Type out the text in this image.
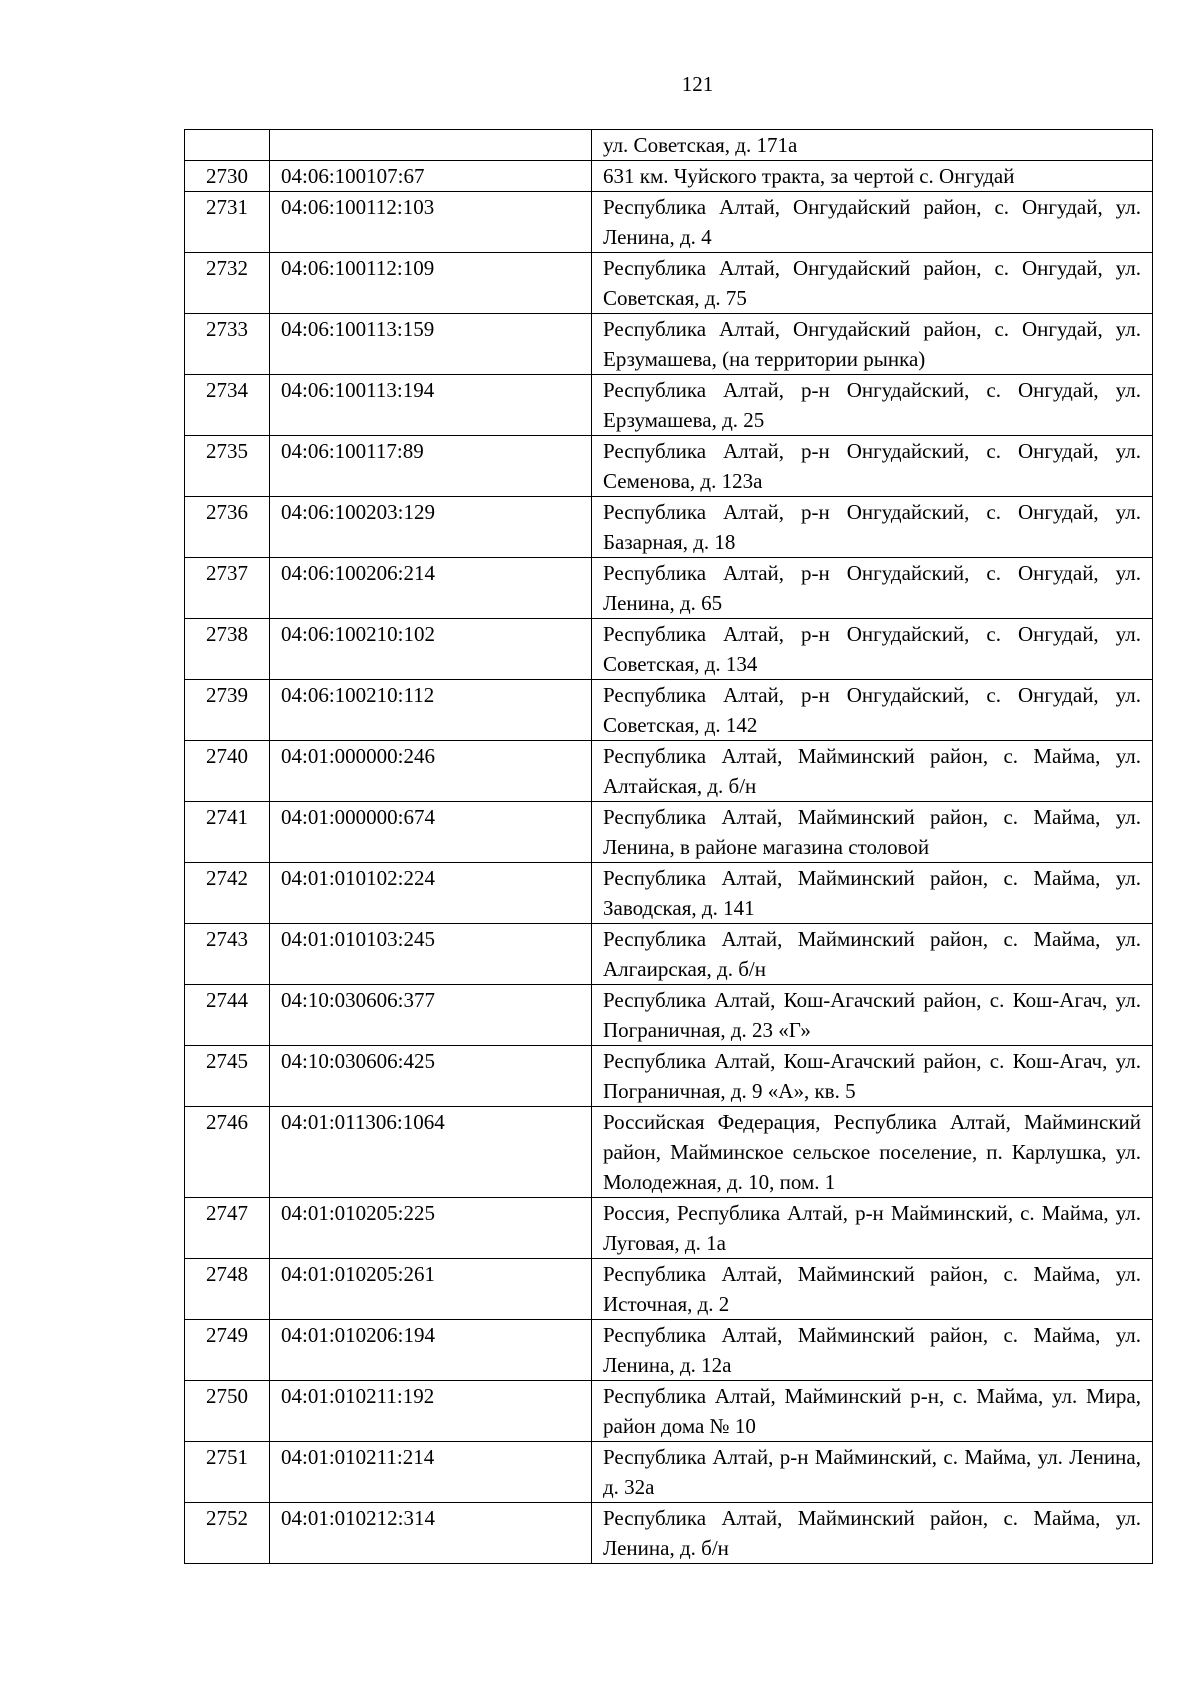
121
		ул. Советская, д. 171а
2730	04:06:100107:67	631 км. Чуйского тракта, за чертой с. Онгудай
2731	04:06:100112:103	Республика Алтай, Онгудайский район, с. Онгудай, ул. Ленина, д. 4
2732	04:06:100112:109	Республика Алтай, Онгудайский район, с. Онгудай, ул. Советская, д. 75
2733	04:06:100113:159	Республика Алтай, Онгудайский район, с. Онгудай, ул. Ерзумашева, (на территории рынка)
2734	04:06:100113:194	Республика Алтай, р-н Онгудайский, с. Онгудай, ул. Ерзумашева, д. 25
2735	04:06:100117:89	Республика Алтай, р-н Онгудайский, с. Онгудай, ул. Семенова, д. 123а
2736	04:06:100203:129	Республика Алтай, р-н Онгудайский, с. Онгудай, ул. Базарная, д. 18
2737	04:06:100206:214	Республика Алтай, р-н Онгудайский, с. Онгудай, ул. Ленина, д. 65
2738	04:06:100210:102	Республика Алтай, р-н Онгудайский, с. Онгудай, ул. Советская, д. 134
2739	04:06:100210:112	Республика Алтай, р-н Онгудайский, с. Онгудай, ул. Советская, д. 142
2740	04:01:000000:246	Республика Алтай, Майминский район, с. Майма, ул. Алтайская, д. б/н
2741	04:01:000000:674	Республика Алтай, Майминский район, с. Майма, ул. Ленина, в районе магазина столовой
2742	04:01:010102:224	Республика Алтай, Майминский район, с. Майма, ул. Заводская, д. 141
2743	04:01:010103:245	Республика Алтай, Майминский район, с. Майма, ул. Алгаирская, д. б/н
2744	04:10:030606:377	Республика Алтай, Кош-Агачский район, с. Кош-Агач, ул. Пограничная, д. 23 «Г»
2745	04:10:030606:425	Республика Алтай, Кош-Агачский район, с. Кош-Агач, ул. Пограничная, д. 9 «А», кв. 5
2746	04:01:011306:1064	Российская Федерация, Республика Алтай, Майминский район, Майминское сельское поселение, п. Карлушка, ул. Молодежная, д. 10, пом. 1
2747	04:01:010205:225	Россия, Республика Алтай, р-н Майминский, с. Майма, ул. Луговая, д. 1а
2748	04:01:010205:261	Республика Алтай, Майминский район, с. Майма, ул. Источная, д. 2
2749	04:01:010206:194	Республика Алтай, Майминский район, с. Майма, ул. Ленина, д. 12а
2750	04:01:010211:192	Республика Алтай, Майминский р-н, с. Майма, ул. Мира, район дома № 10
2751	04:01:010211:214	Республика Алтай, р-н Майминский, с. Майма, ул. Ленина, д. 32а
2752	04:01:010212:314	Республика Алтай, Майминский район, с. Майма, ул. Ленина, д. б/н
